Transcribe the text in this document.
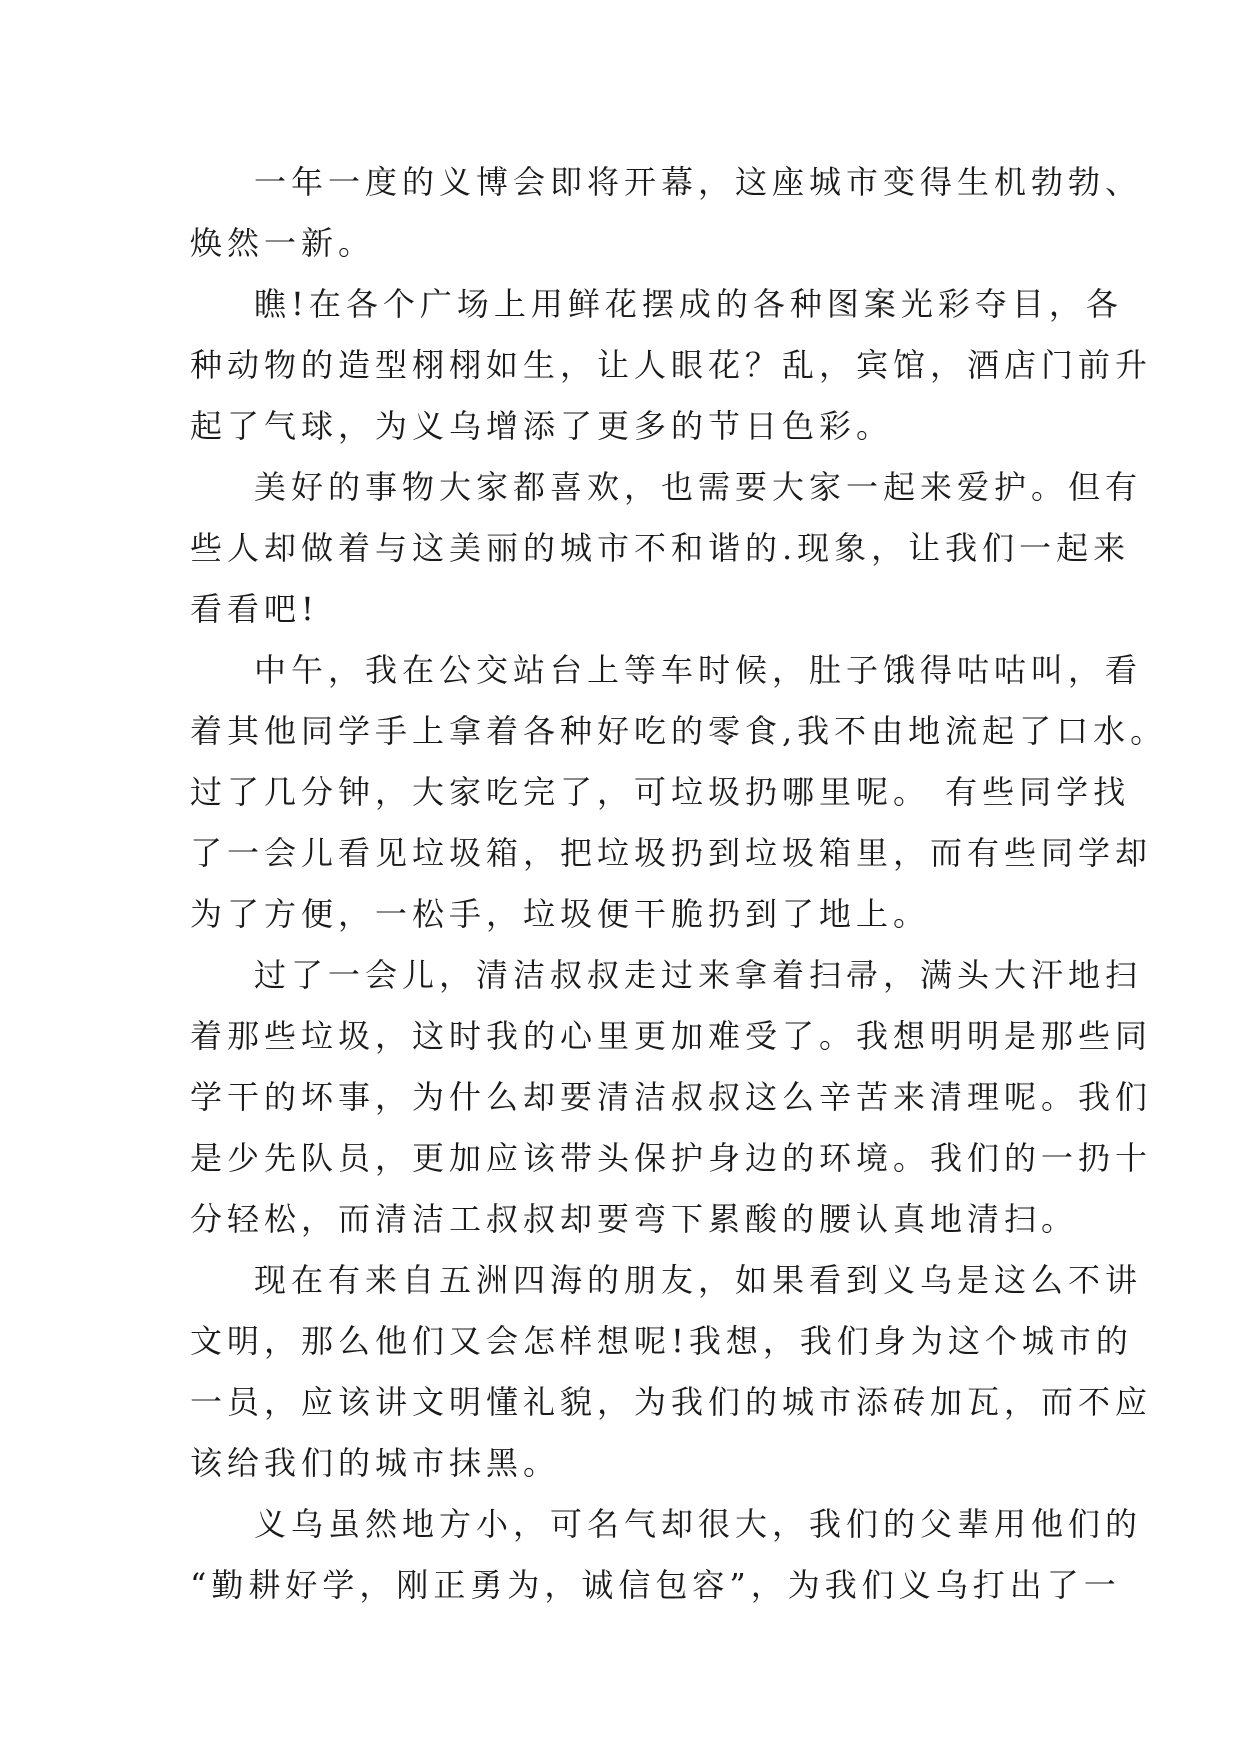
一年一度的义博会即将开幕，这座城市变得生机勃勃、
焕然一新。
瞧!在各个广场上用鲜花摆成的各种图案光彩夺目，各
种动物的造型栩栩如生，让人眼花？乱，宾馆，酒店门前升
起了气球，为义乌增添了更多的节日色彩。
美好的事物大家都喜欢，也需要大家一起来爱护。但有
些人却做着与这美丽的城市不和谐的.现象，让我们一起来
看看吧!
中午，我在公交站台上等车时候，肚子饿得咕咕叫，看
着其他同学手上拿着各种好吃的零食,我不由地流起了口水。
过了几分钟，大家吃完了，可垃圾扔哪里呢。 有些同学找
了一会儿看见垃圾箱，把垃圾扔到垃圾箱里，而有些同学却
为了方便，一松手，垃圾便干脆扔到了地上。
过了一会儿，清洁叔叔走过来拿着扫帚，满头大汗地扫
着那些垃圾，这时我的心里更加难受了。我想明明是那些同
学干的坏事，为什么却要清洁叔叔这么辛苦来清理呢。我们
是少先队员，更加应该带头保护身边的环境。我们的一扔十
分轻松，而清洁工叔叔却要弯下累酸的腰认真地清扫。
现在有来自五洲四海的朋友，如果看到义乌是这么不讲
文明，那么他们又会怎样想呢!我想，我们身为这个城市的
一员，应该讲文明懂礼貌，为我们的城市添砖加瓦，而不应
该给我们的城市抹黑。
义乌虽然地方小，可名气却很大，我们的父辈用他们的
“勤耕好学，刚正勇为，诚信包容”，为我们义乌打出了一
